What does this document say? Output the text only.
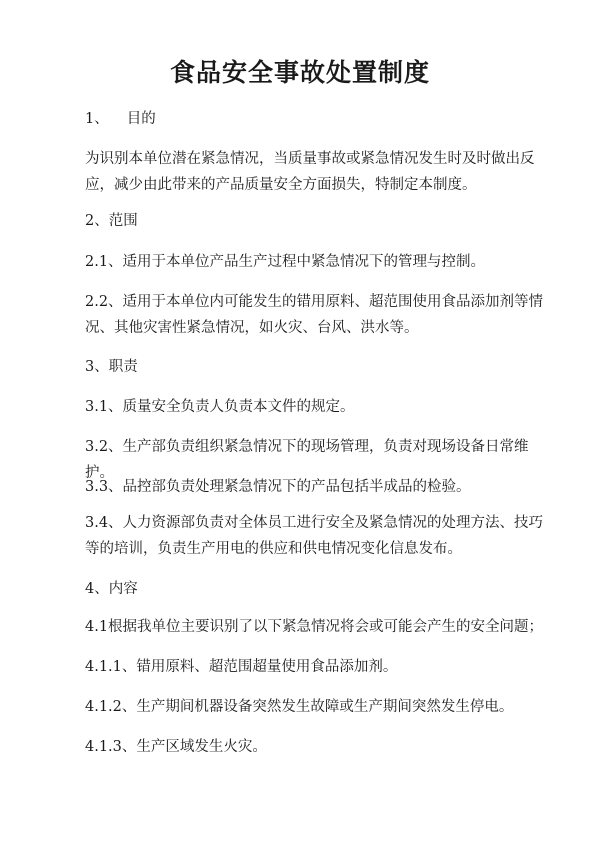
食品安全事故处置制度

1、 目的

为识别本单位潜在紧急情况，当质量事故或紧急情况发生时及时做出反应，减少由此带来的产品质量安全方面损失，特制定本制度。

2、范围

2.1、适用于本单位产品生产过程中紧急情况下的管理与控制。

2.2、适用于本单位内可能发生的错用原料、超范围使用食品添加剂等情况、其他灾害性紧急情况，如火灾、台风、洪水等。

3、职责

3.1、质量安全负责人负责本文件的规定。

3.2、生产部负责组织紧急情况下的现场管理，负责对现场设备日常维护。

3.3、品控部负责处理紧急情况下的产品包括半成品的检验。

3.4、人力资源部负责对全体员工进行安全及紧急情况的处理方法、技巧等的培训，负责生产用电的供应和供电情况变化信息发布。

4、内容

4.1根据我单位主要识别了以下紧急情况将会或可能会产生的安全问题；

4.1.1、错用原料、超范围超量使用食品添加剂。

4.1.2、生产期间机器设备突然发生故障或生产期间突然发生停电。

4.1.3、生产区域发生火灾。
